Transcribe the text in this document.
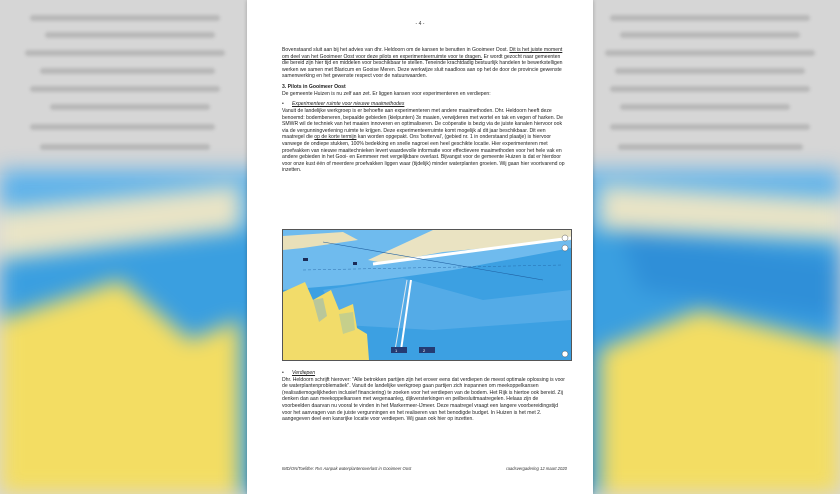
- 4 -

Bovenstaand sluit aan bij het advies van dhr. Heldoorn om de kansen te benutten in Gooimeer Oost. Dit is het juiste moment om deel van het Gooimeer Oost voor deze pilots en experimenteerruimte voor te dragen. Er wordt gezocht naar gemeenten die bereid zijn hier tijd en middelen voor beschikbaar te stellen. Teneinde krachtdadig bestuurlijk handelen te bewerkstelligen werken we samen met Blaricum en Gooise Meren. Deze werkwijze sluit naadloos aan op het de door de provincie gewenste samenwerking en het gewenste respect voor de natuurwaarden.

3. Pilots in Gooimeer Oost

De gemeente Huizen is nu zelf aan zet. Er liggen kansen voor experimenteren en verdiepen:

•	Experimenteer ruimte voor nieuwe maaimethodes

Vanuit de landelijke werkgroep is er behoefte aan experimenteren met andere maaimethoden. Dhr. Heldoorn heeft deze benoemd: bodembeneren, bepaalde gebieden (kielpunten) 3x maaien, verwijderen met wortel en tak en vegen of harken. De SMWR wil de techniek van het maaien innoveren en optimaliseren. De coöperatie is bezig via de juiste kanalen hiervoor ook via de vergunningverlening ruimte te krijgen. Deze experimenteerruimte komt mogelijk al dit jaar beschikbaar. Dit een maatregel die op de korte termijn kan worden opgepakt. Ons 'botterval', (gebied nr. 1 in onderstaand plaatje) is hiervoor vanwege de ondiepe stukken, 100% bedekking en snelle nagroei een heel geschikte locatie. Hier experimenteren met proefvakken van nieuwe maaitechnieken levert waardevolle informatie voor effectievere maaimethoden voor het hele vak en andere gebieden in het Gooi- en Eemmeer met vergelijkbare overlast. Bijvangst voor de gemeente Huizen is dat er hierdoor voor onze kust één of meerdere proefvakken liggen waar (tijdelijk) minder waterplanten groeien. Wij gaan hier voortvarend op inzetten.

1	2
•	Verdiepen

Dhr. Heldoorn schrijft hierover: "Alle betrokken partijen zijn het erover eens dat verdiepen de meest optimale oplossing is voor de waterplantenproblematiek". Vanuit de landelijke werkgroep gaan partijen zich inspannen om meekoppelkansen (realisatiemogelijkheden inclusief financiering) te zoeken voor het verdiepen van de bodem. Het Rijk is hiertoe ook bereid. Zij denken dan aan meekoppelkansen met wegenaanleg, dijkversterkingen en peilbesluitmaatregelen. Helaas zijn de voorbeelden daarvan nu vooral te vinden in het Markermeer-IJmeer. Deze maatregel vraagt een langere voorbereidingstijd voor het aanvragen van de juiste vergunningen en het realiseren van het benodigde budget. In Huizen is het met 2. aangegeven deel een kansrijke locatie voor verdiepen. Wij gaan ook hier op inzetten.

IMD/ON/Toelithe: Rvs Aanpak waterplantenoverlast in Gooimeer Oost	raadsvergadering 12 maart 2020
